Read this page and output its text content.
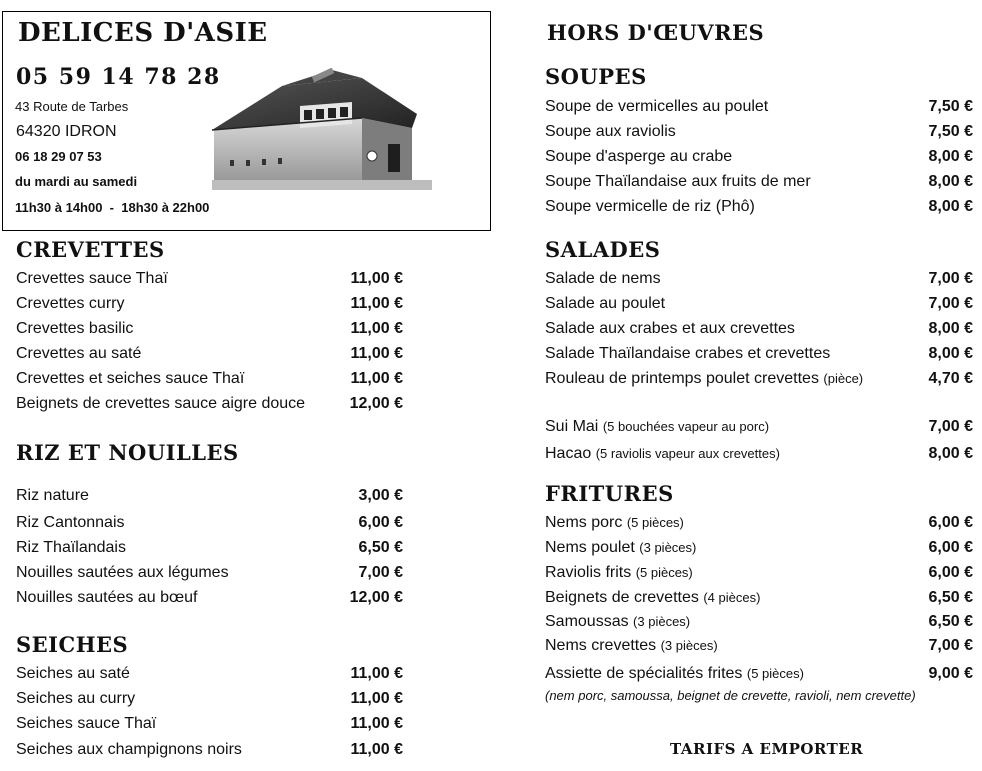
DELICES D'ASIE
05 59 14 78 28
43 Route de Tarbes
64320 IDRON
06 18 29 07 53
du mardi au samedi
11h30 à 14h00  -  18h30 à 22h00
CREVETTES
Crevettes sauce Thaï	11,00 €
Crevettes curry	11,00 €
Crevettes basilic	11,00 €
Crevettes au saté	11,00 €
Crevettes et seiches sauce Thaï	11,00 €
Beignets de crevettes sauce aigre douce	12,00 €
RIZ ET NOUILLES
Riz nature	3,00 €
Riz Cantonnais	6,00 €
Riz Thaïlandais	6,50 €
Nouilles sautées aux légumes	7,00 €
Nouilles sautées au bœuf	12,00 €
SEICHES
Seiches au saté	11,00 €
Seiches au curry	11,00 €
Seiches sauce Thaï	11,00 €
Seiches aux champignons noirs	11,00 €
HORS D'ŒUVRES
SOUPES
Soupe de vermicelles au poulet	7,50 €
Soupe aux raviolis	7,50 €
Soupe d'asperge au crabe	8,00 €
Soupe Thaïlandaise aux fruits de mer	8,00 €
Soupe vermicelle de riz (Phô)	8,00 €
SALADES
Salade de nems	7,00 €
Salade au poulet	7,00 €
Salade aux crabes et aux crevettes	8,00 €
Salade Thaïlandaise crabes et crevettes	8,00 €
Rouleau de printemps poulet crevettes (pièce)	4,70 €
Sui Mai (5 bouchées vapeur au porc)	7,00 €
Hacao (5 raviolis vapeur aux crevettes)	8,00 €
FRITURES
Nems porc (5 pièces)	6,00 €
Nems poulet (3 pièces)	6,00 €
Raviolis frits (5 pièces)	6,00 €
Beignets de crevettes (4 pièces)	6,50 €
Samoussas (3 pièces)	6,50 €
Nems crevettes (3 pièces)	7,00 €
Assiette de spécialités frites (5 pièces)	9,00 €
(nem porc, samoussa, beignet de crevette, ravioli, nem crevette)
TARIFS A EMPORTER
